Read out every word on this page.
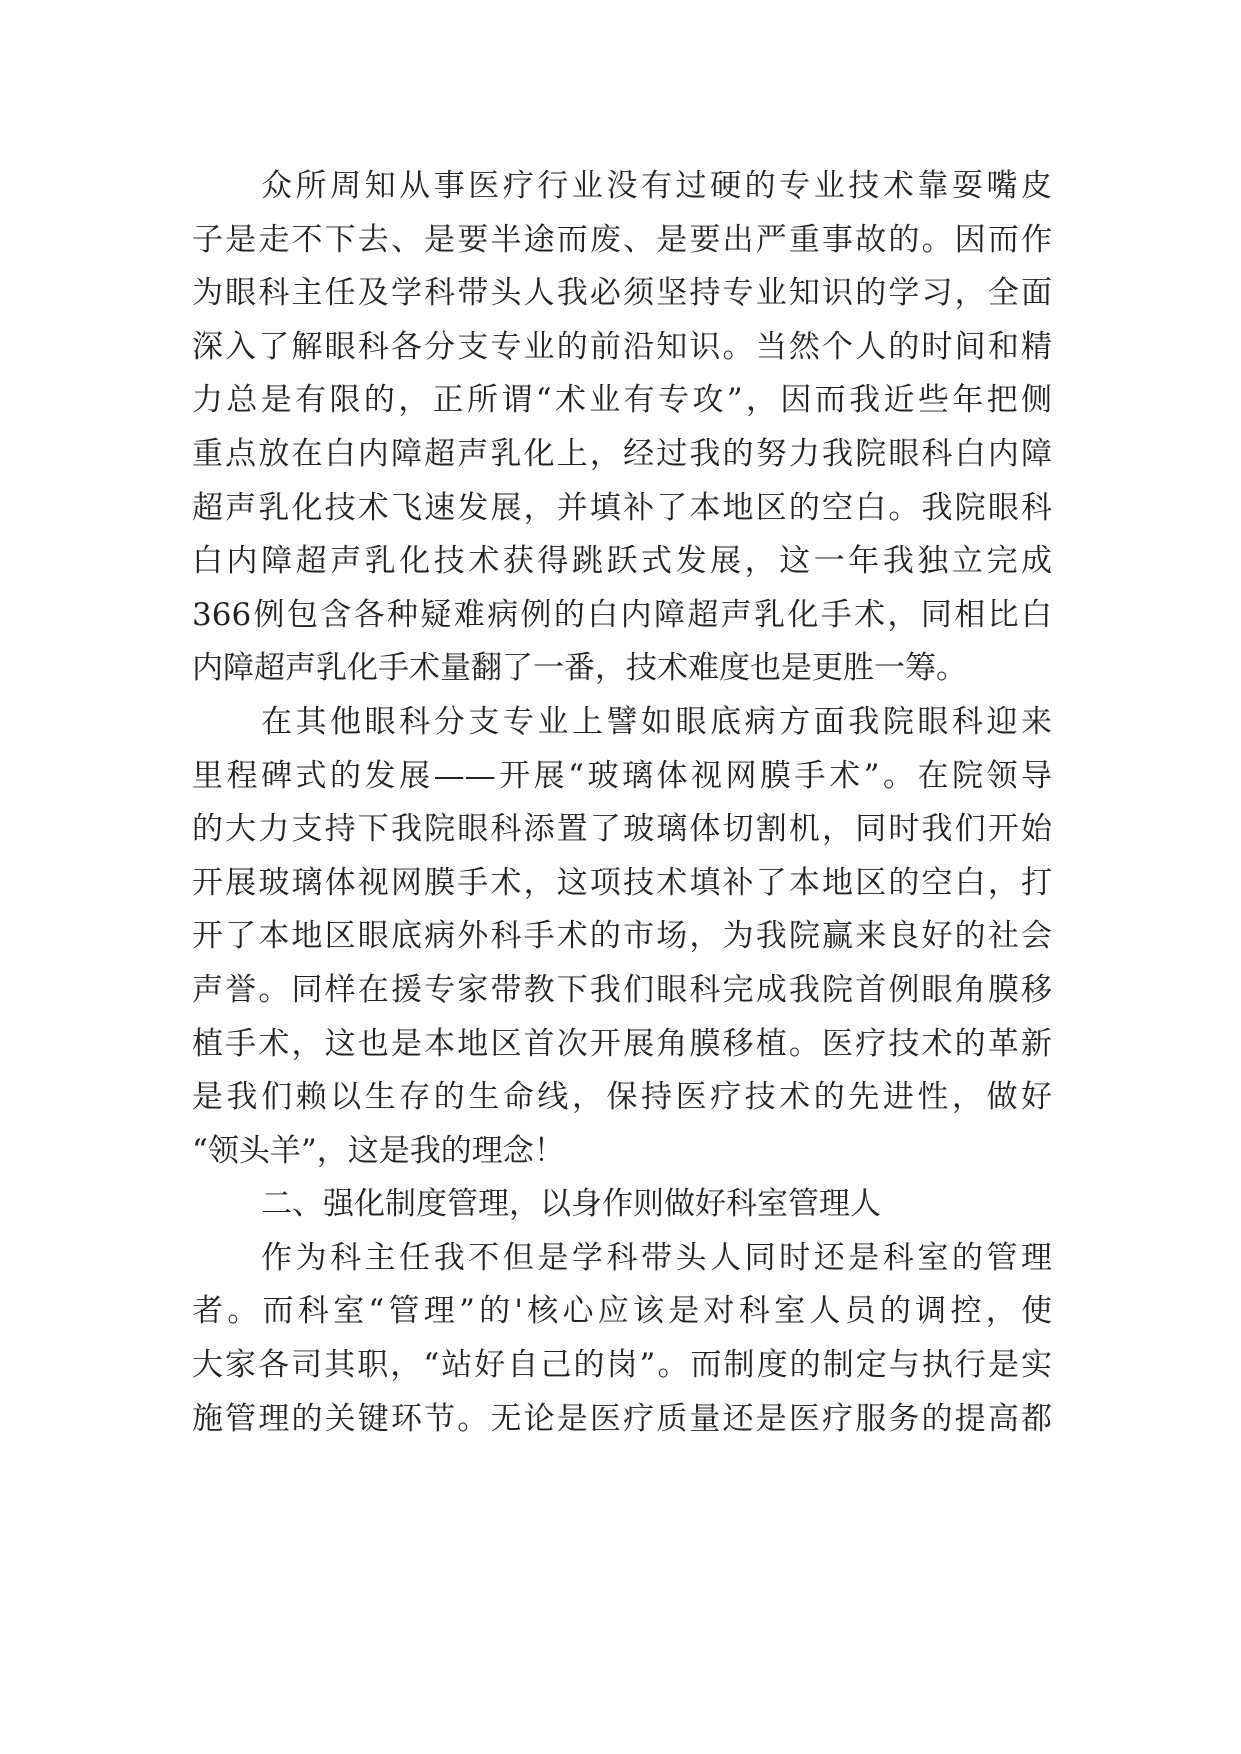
众所周知从事医疗行业没有过硬的专业技术靠耍嘴皮
子是走不下去、是要半途而废、是要出严重事故的。因而作
为眼科主任及学科带头人我必须坚持专业知识的学习，全面
深入了解眼科各分支专业的前沿知识。当然个人的时间和精
力总是有限的，正所谓“术业有专攻”，因而我近些年把侧
重点放在白内障超声乳化上，经过我的努力我院眼科白内障
超声乳化技术飞速发展，并填补了本地区的空白。我院眼科
白内障超声乳化技术获得跳跃式发展，这一年我独立完成
366例包含各种疑难病例的白内障超声乳化手术，同相比白
内障超声乳化手术量翻了一番，技术难度也是更胜一筹。
在其他眼科分支专业上譬如眼底病方面我院眼科迎来
里程碑式的发展——开展“玻璃体视网膜手术”。在院领导
的大力支持下我院眼科添置了玻璃体切割机，同时我们开始
开展玻璃体视网膜手术，这项技术填补了本地区的空白，打
开了本地区眼底病外科手术的市场，为我院赢来良好的社会
声誉。同样在援专家带教下我们眼科完成我院首例眼角膜移
植手术，这也是本地区首次开展角膜移植。医疗技术的革新
是我们赖以生存的生命线，保持医疗技术的先进性，做好
“领头羊”，这是我的理念！
二、强化制度管理，以身作则做好科室管理人
作为科主任我不但是学科带头人同时还是科室的管理
者。而科室“管理”的'核心应该是对科室人员的调控，使
大家各司其职，“站好自己的岗”。而制度的制定与执行是实
施管理的关键环节。无论是医疗质量还是医疗服务的提高都
